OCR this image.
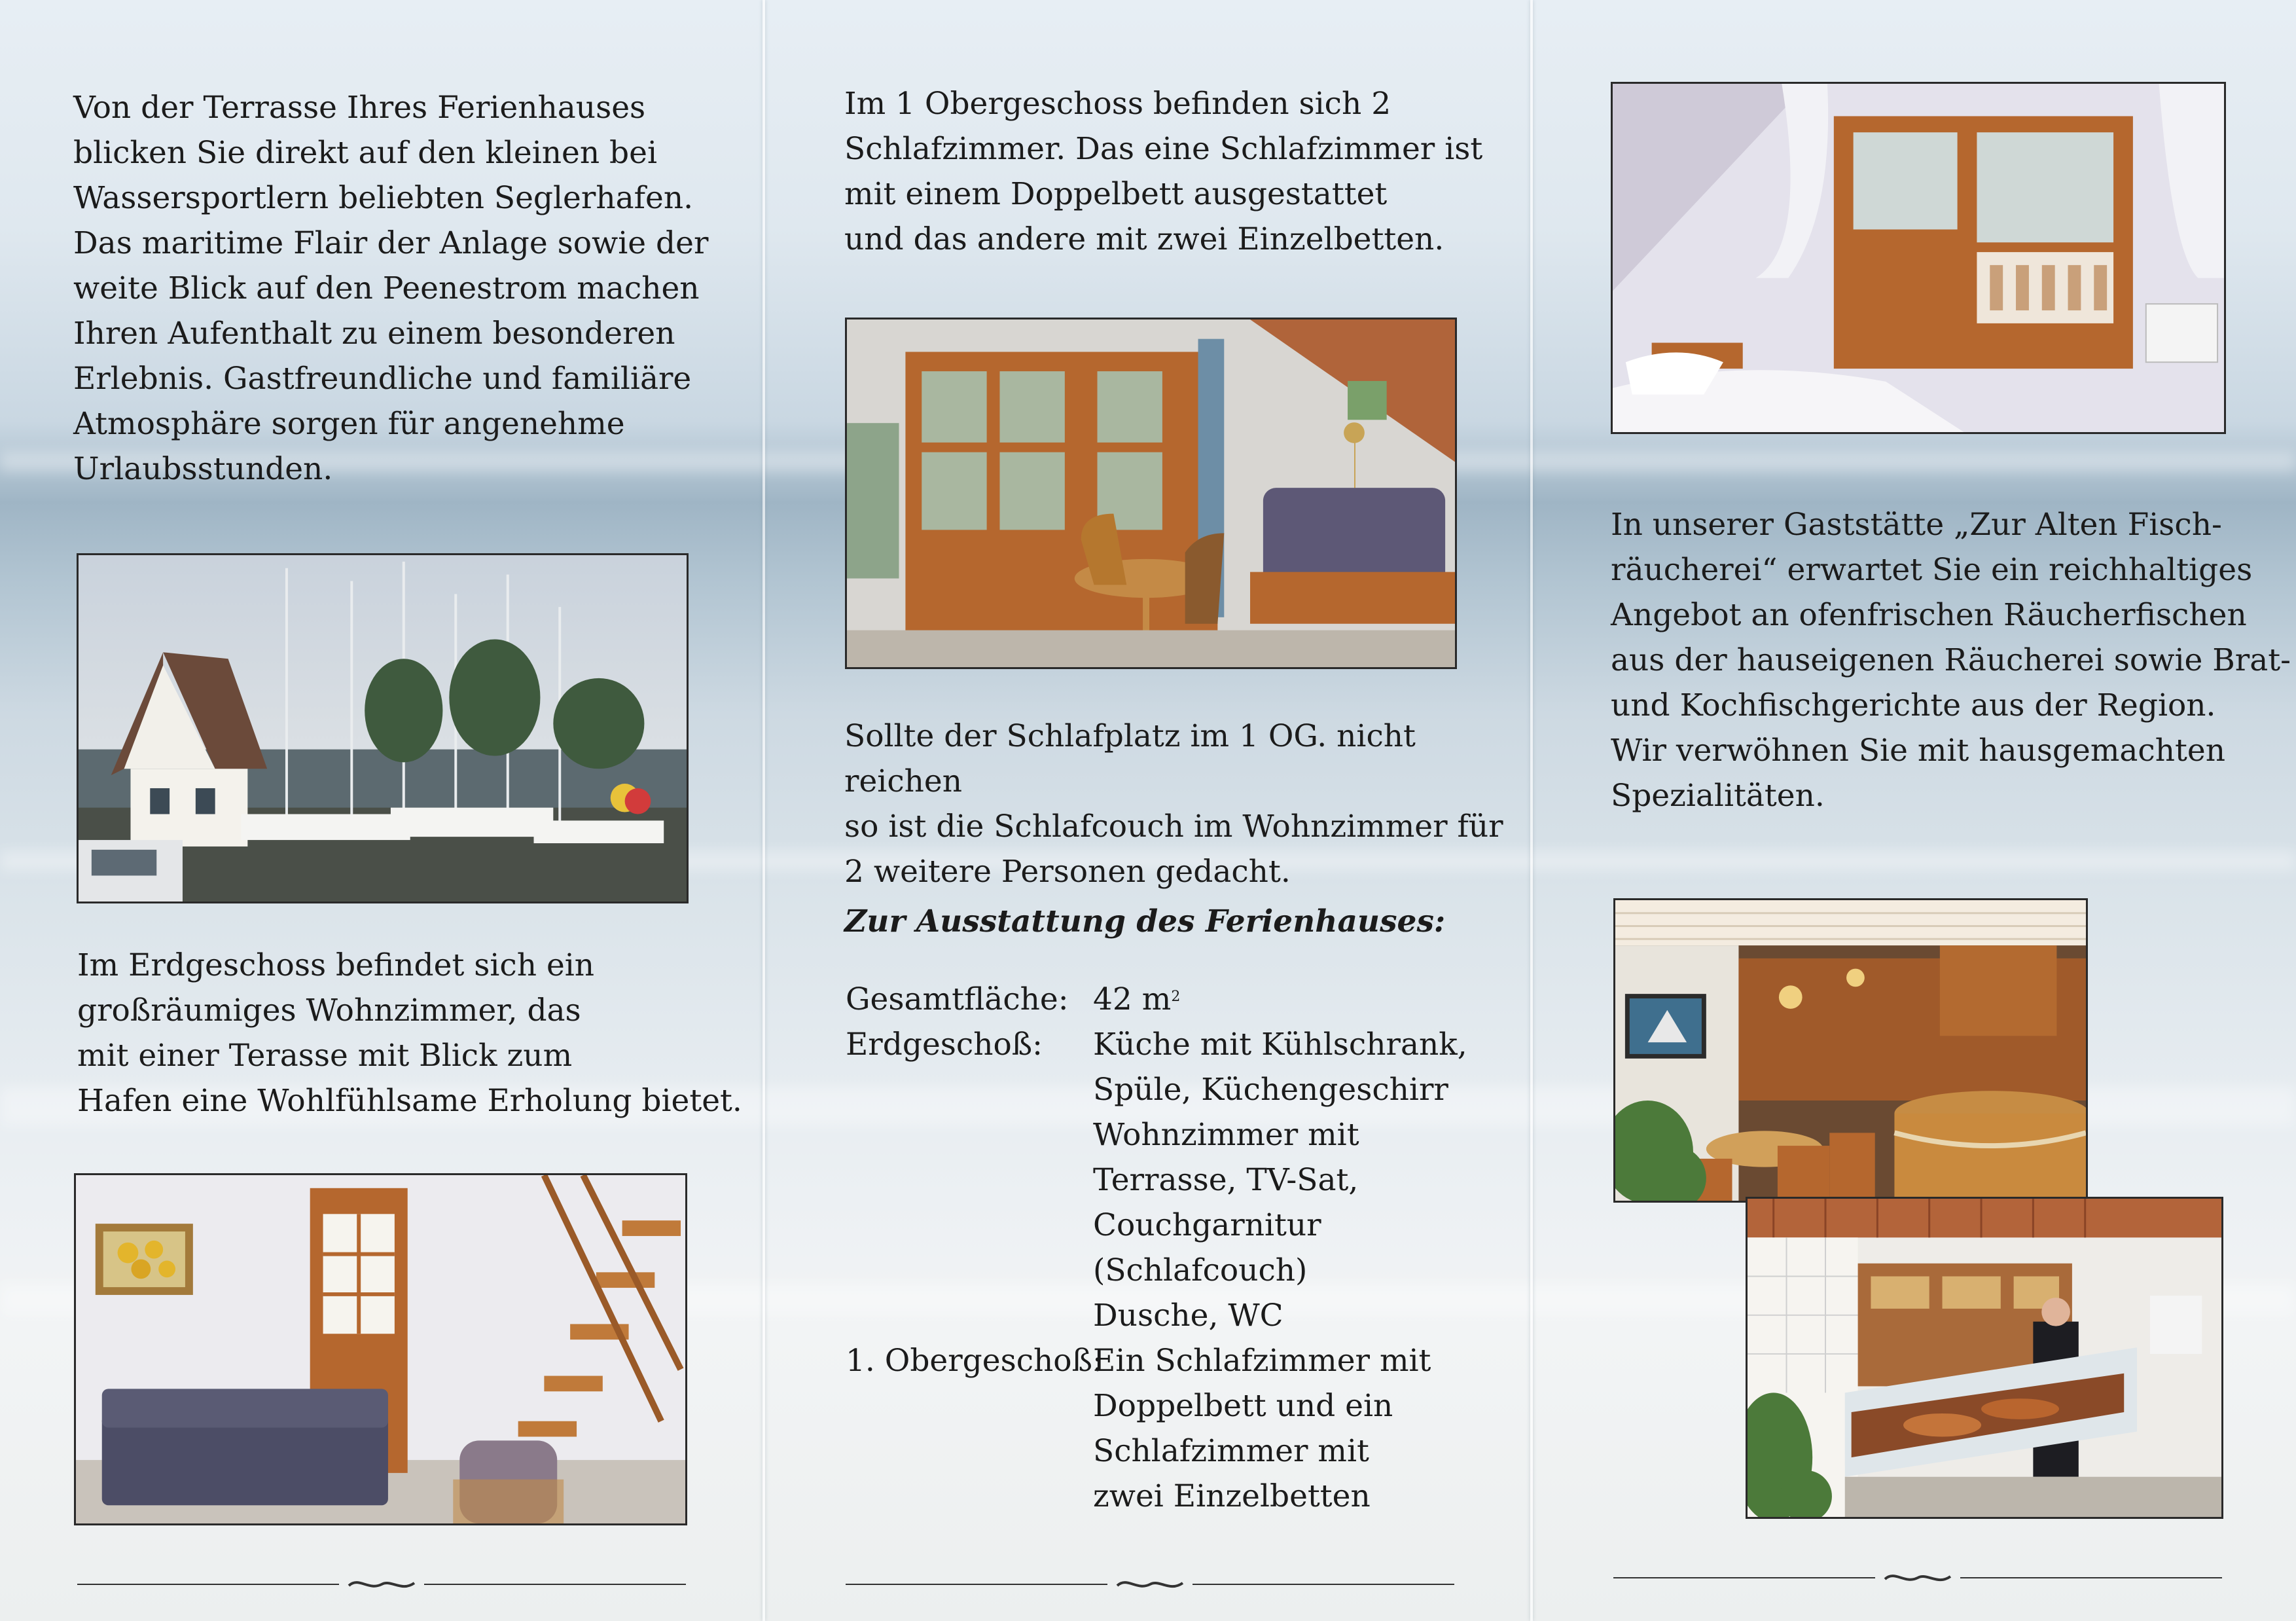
Von der Terrasse Ihres Ferienhauses
blicken Sie direkt auf den kleinen bei
Wassersportlern beliebten Seglerhafen.
Das maritime Flair der Anlage sowie der
weite Blick auf den Peenestrom machen
Ihren Aufenthalt zu einem besonderen
Erlebnis. Gastfreundliche und familiäre
Atmosphäre sorgen für angenehme
Urlaubsstunden.
Im Erdgeschoss befindet sich ein
großräumiges Wohnzimmer, das
mit einer Terasse mit Blick zum
Hafen eine Wohlfühlsame Erholung bietet.
Im 1 Obergeschoss befinden sich 2
Schlafzimmer. Das eine Schlafzimmer ist
mit einem Doppelbett ausgestattet
und das andere mit zwei Einzelbetten.
Sollte der Schlafplatz im 1 OG. nicht reichen
so ist die Schlafcouch im Wohnzimmer für
2 weitere Personen gedacht.
Zur Ausstattung des Ferienhauses:
Gesamtfläche: 42 $m^2$
Erdgeschoß: Küche mit Kühlschrank,
Spüle, Küchengeschirr
Wohnzimmer mit
Terrasse, TV-Sat,
Couchgarnitur
(Schlafcouch)
Dusche, WC
1. Obergeschoß:
Ein Schlafzimmer mit
Doppelbett und ein
Schlafzimmer mit
zwei Einzelbetten
In unserer Gaststätte „Zur Alten Fisch-
räucherei“ erwartet Sie ein reichhaltiges
Angebot an ofenfrischen Räucherfischen
aus der hauseigenen Räucherei sowie Brat-
und Kochfischgerichte aus der Region.
Wir verwöhnen Sie mit hausgemachten
Spezialitäten.
